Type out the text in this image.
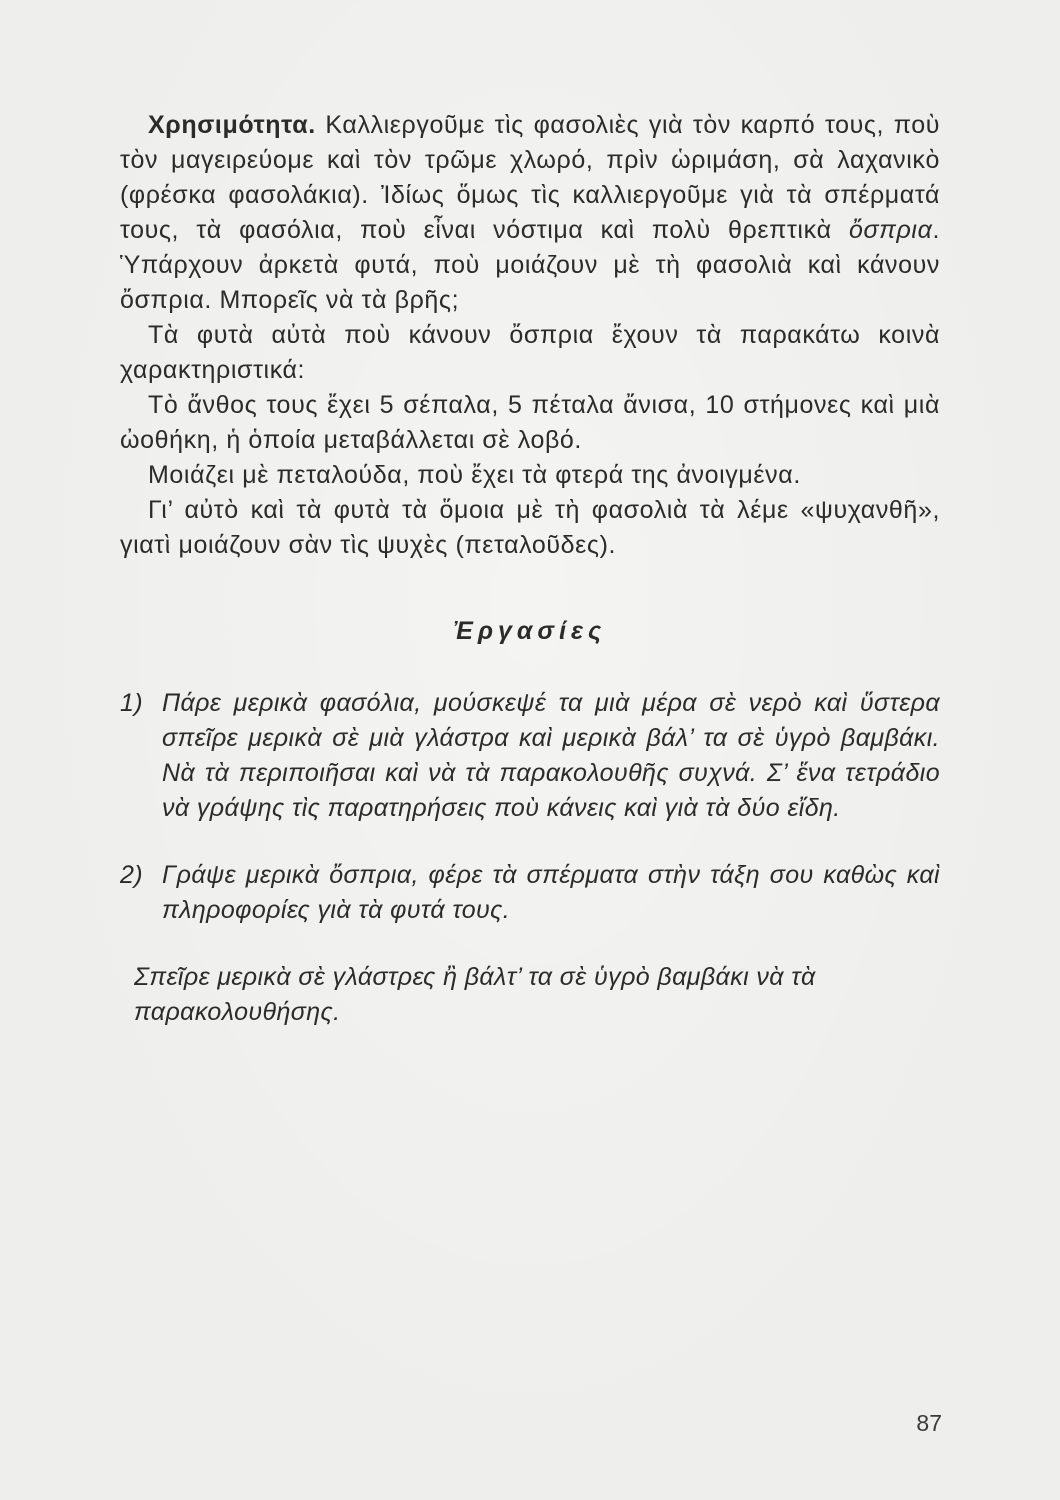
Χρησιμότητα. Καλλιεργοῦμε τὶς φασολιὲς γιὰ τὸν καρπό τους, ποὺ τὸν μαγειρεύομε καὶ τὸν τρῶμε χλωρό, πρὶν ὡριμάση, σὰ λαχανικὸ (φρέσκα φασολάκια). Ἰδίως ὅμως τὶς καλλιεργοῦμε γιὰ τὰ σπέρματά τους, τὰ φασόλια, ποὺ εἶναι νόστιμα καὶ πολὺ θρεπτικὰ ὄσπρια. Ὑπάρχουν ἀρκετὰ φυτά, ποὺ μοιάζουν μὲ τὴ φασολιὰ καὶ κάνουν ὄσπρια. Μπορεῖς νὰ τὰ βρῆς;

Τὰ φυτὰ αὐτὰ ποὺ κάνουν ὄσπρια ἔχουν τὰ παρακάτω κοινὰ χαρακτηριστικά:

Τὸ ἄνθος τους ἔχει 5 σέπαλα, 5 πέταλα ἄνισα, 10 στήμονες καὶ μιὰ ὠοθήκη, ἡ ὁποία μεταβάλλεται σὲ λοβό.

Μοιάζει μὲ πεταλούδα, ποὺ ἔχει τὰ φτερά της ἀνοιγμένα.

Γι’ αὐτὸ καὶ τὰ φυτὰ τὰ ὅμοια μὲ τὴ φασολιὰ τὰ λέμε «ψυχανθῆ», γιατὶ μοιάζουν σὰν τὶς ψυχὲς (πεταλοῦδες).

Ἐργασίες
1) Πάρε μερικὰ φασόλια, μούσκεψέ τα μιὰ μέρα σὲ νερὸ καὶ ὕστερα σπεῖρε μερικὰ σὲ μιὰ γλάστρα καὶ μερικὰ βάλ’ τα σὲ ὑγρὸ βαμβάκι. Νὰ τὰ περιποιῆσαι καὶ νὰ τὰ παρακολουθῆς συχνά. Σ’ ἕνα τετράδιο νὰ γράψης τὶς παρατηρήσεις ποὺ κάνεις καὶ γιὰ τὰ δύο εἴδη.
2) Γράψε μερικὰ ὄσπρια, φέρε τὰ σπέρματα στὴν τάξη σου καθὼς καὶ πληροφορίες γιὰ τὰ φυτά τους.
Σπεῖρε μερικὰ σὲ γλάστρες ἢ βάλτ’ τα σὲ ὑγρὸ βαμβάκι νὰ τὰ παρακολουθήσης.
87
